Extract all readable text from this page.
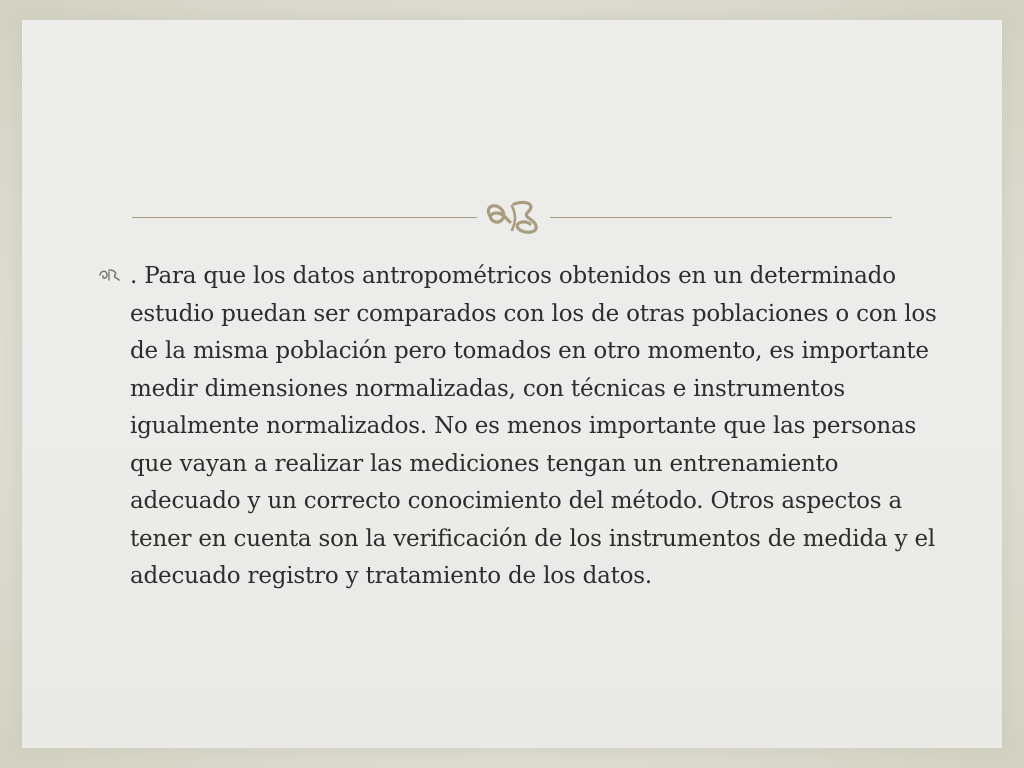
. Para que los datos antropométricos obtenidos en un determinado estudio puedan ser comparados con los de otras poblaciones o con los de la misma población pero tomados en otro momento, es importante medir dimensiones normalizadas, con técnicas e instrumentos igualmente normalizados. No es menos importante que las personas que vayan a realizar las mediciones tengan un entrenamiento adecuado y un correcto conocimiento del método. Otros aspectos a tener en cuenta son la verificación de los instrumentos de medida y el adecuado registro y tratamiento de los datos.
